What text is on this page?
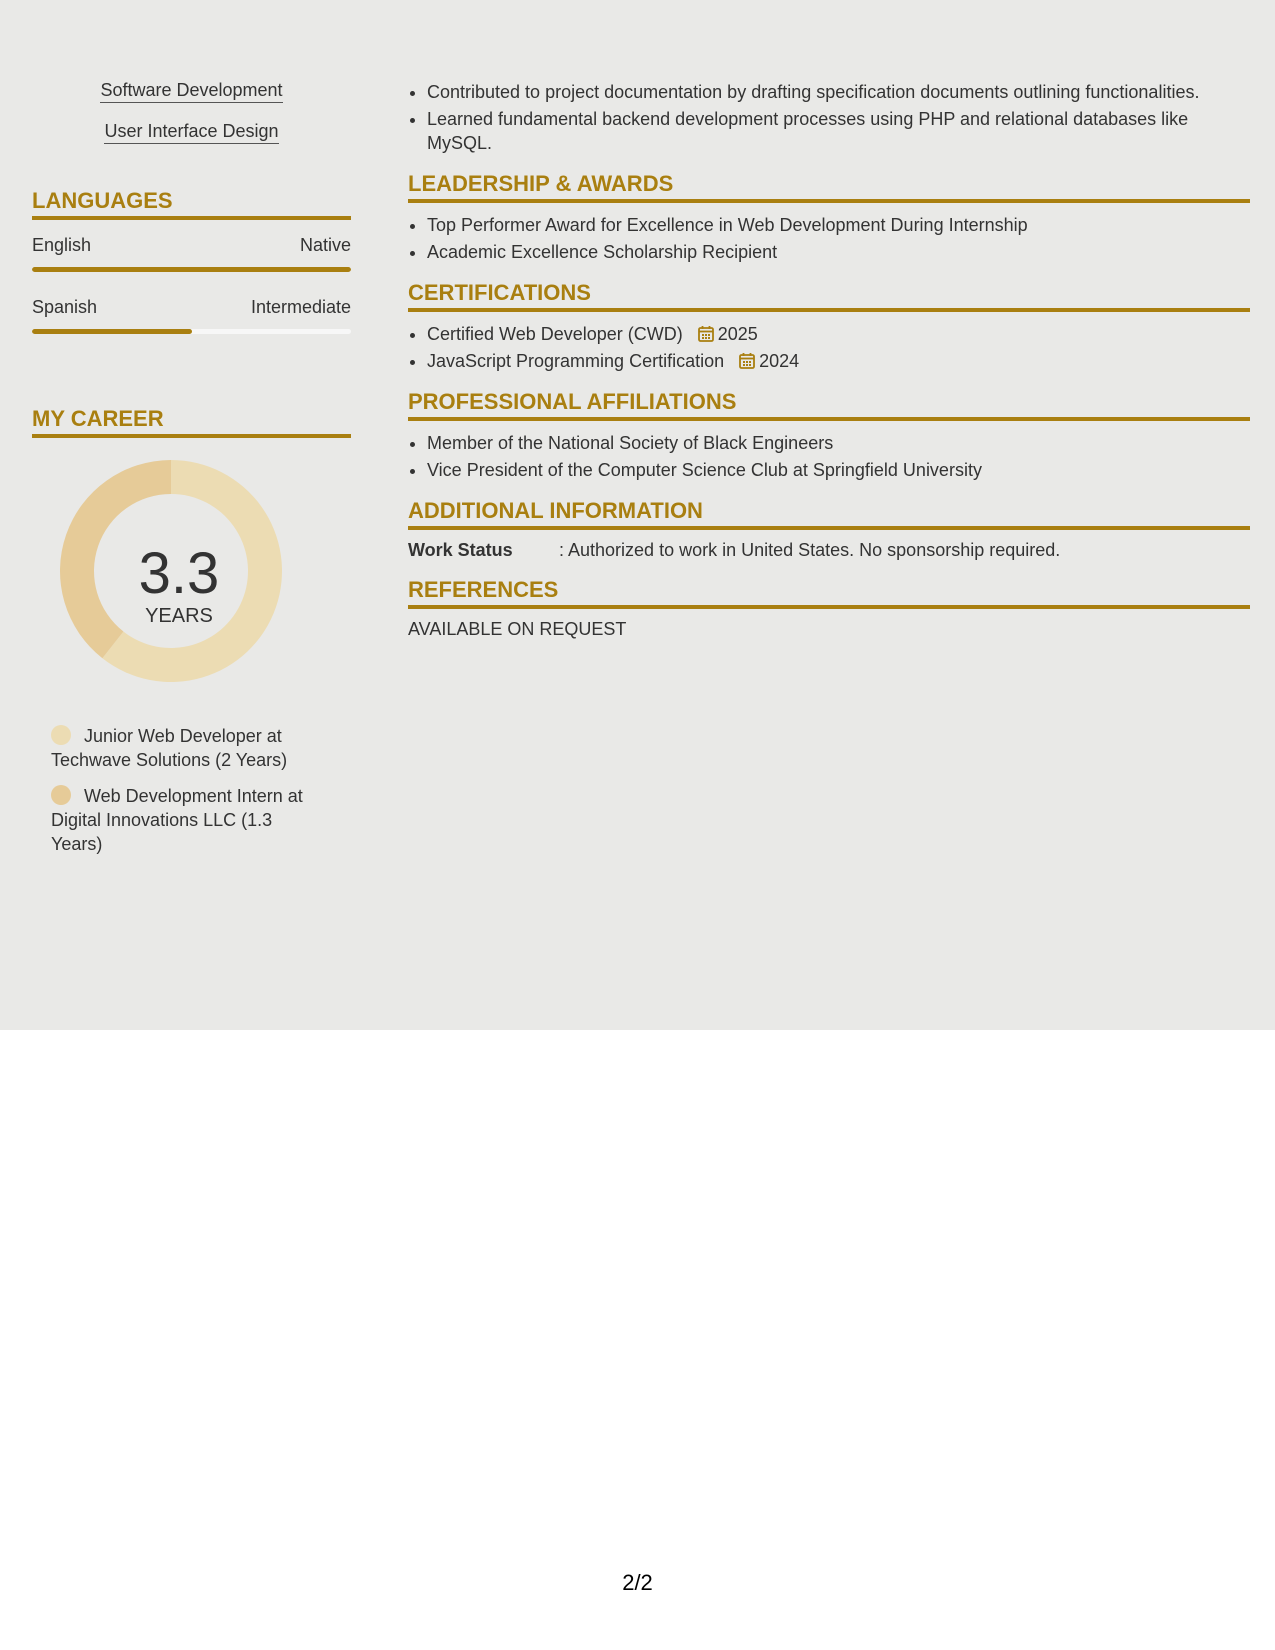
Software Development
User Interface Design
LANGUAGES
English	Native
Spanish	Intermediate
MY CAREER
3.3
YEARS
Junior Web Developer at Techwave Solutions (2 Years)
Web Development Intern at Digital Innovations LLC (1.3 Years)
• Contributed to project documentation by drafting specification documents outlining functionalities.
• Learned fundamental backend development processes using PHP and relational databases like MySQL.
LEADERSHIP & AWARDS
• Top Performer Award for Excellence in Web Development During Internship
• Academic Excellence Scholarship Recipient
CERTIFICATIONS
• Certified Web Developer (CWD) 2025
• JavaScript Programming Certification 2024
PROFESSIONAL AFFILIATIONS
• Member of the National Society of Black Engineers
• Vice President of the Computer Science Club at Springfield University
ADDITIONAL INFORMATION
Work Status	: Authorized to work in United States. No sponsorship required.
REFERENCES
AVAILABLE ON REQUEST
2/2
